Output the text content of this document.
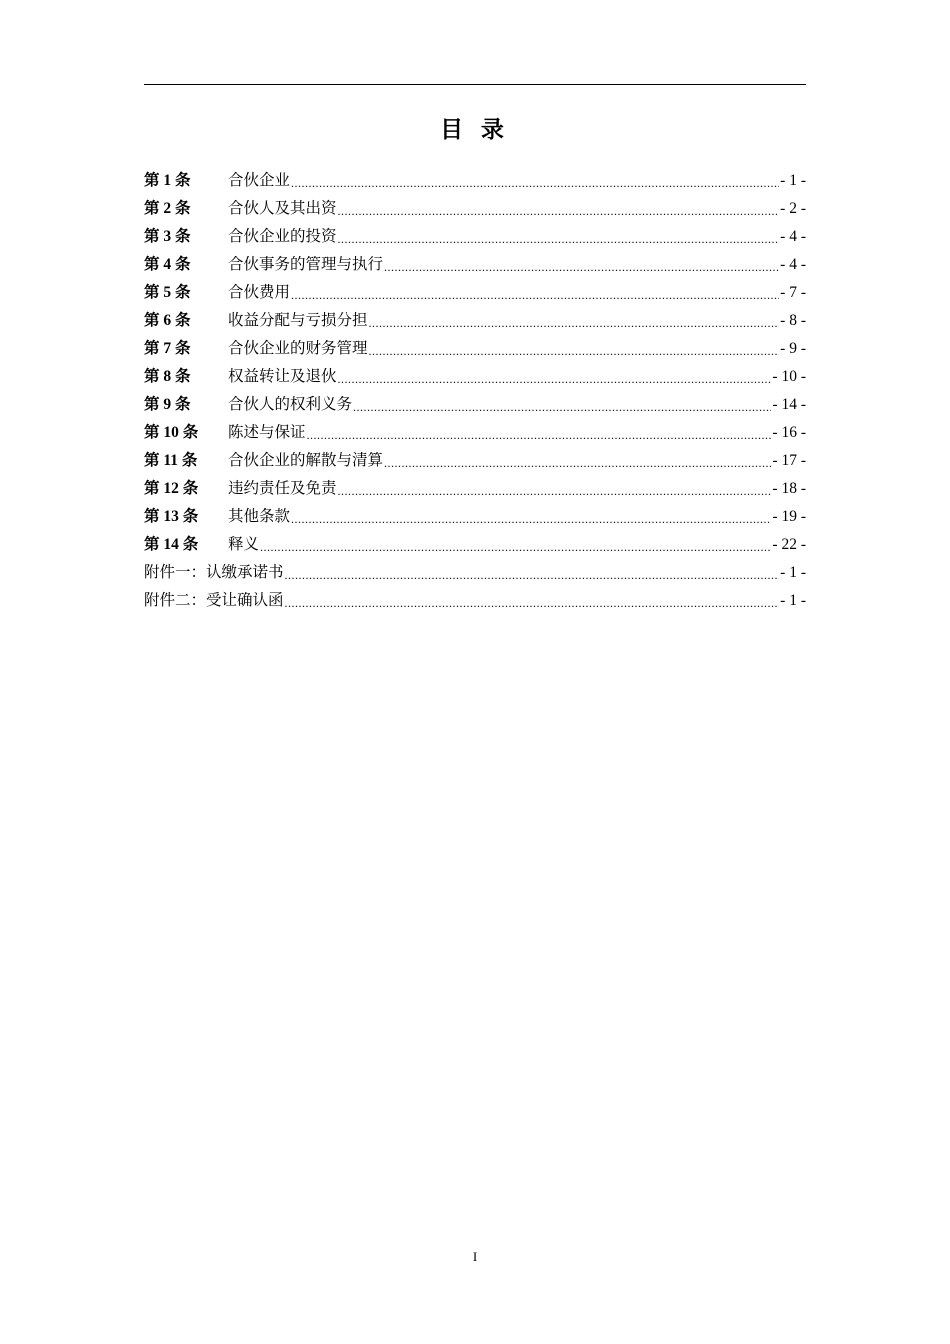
目 录
第 1 条	合伙企业 .....	- 1 -
第 2 条	合伙人及其出资 .....	- 2 -
第 3 条	合伙企业的投资 .....	- 4 -
第 4 条	合伙事务的管理与执行 .....	- 4 -
第 5 条	合伙费用 .....	- 7 -
第 6 条	收益分配与亏损分担 .....	- 8 -
第 7 条	合伙企业的财务管理 .....	- 9 -
第 8 条	权益转让及退伙 .....	- 10 -
第 9 条	合伙人的权利义务 .....	- 14 -
第 10 条	陈述与保证 .....	- 16 -
第 11 条	合伙企业的解散与清算 .....	- 17 -
第 12 条	违约责任及免责 .....	- 18 -
第 13 条	其他条款 .....	- 19 -
第 14 条	释义 .....	- 22 -
附件一：认缴承诺书 .....	- 1 -
附件二：受让确认函 .....	- 1 -
I
